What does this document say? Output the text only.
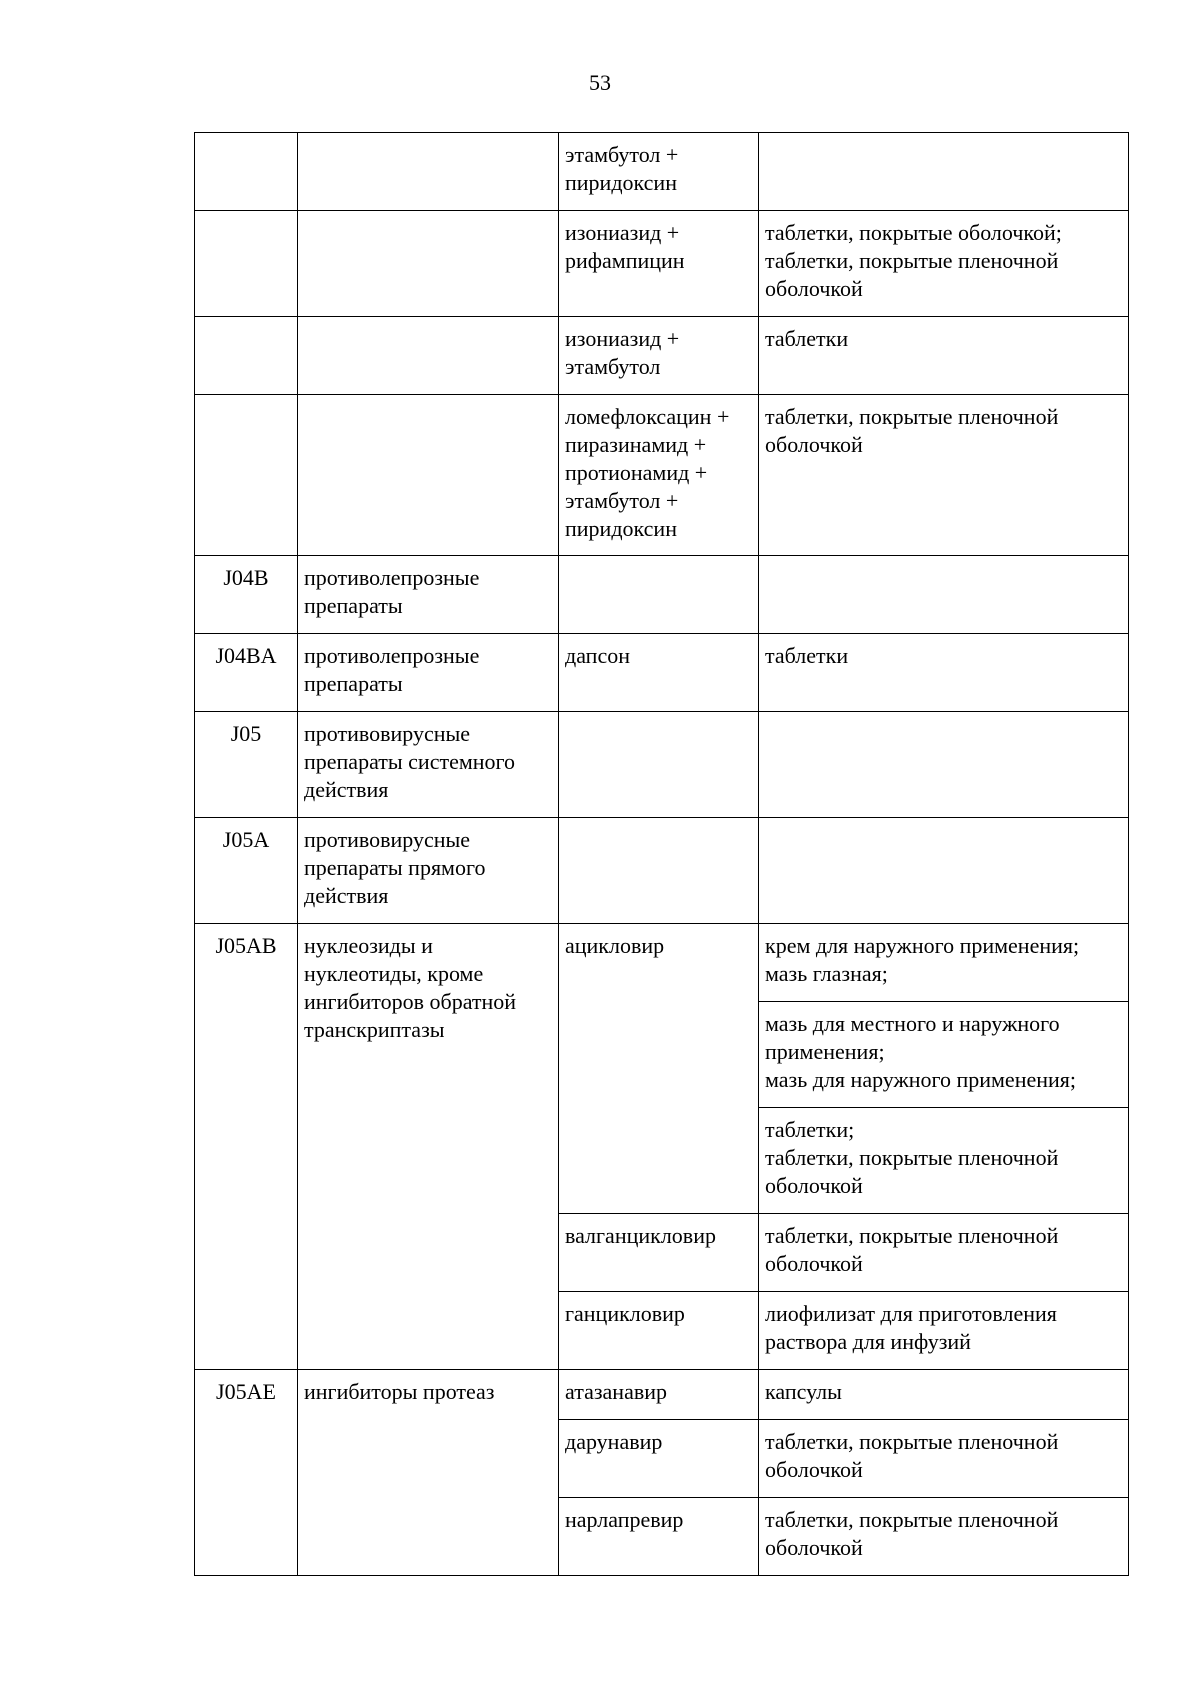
53
		этамбутол +
пиридоксин	
		изониазид +
рифампицин	таблетки, покрытые оболочкой;
таблетки, покрытые пленочной
оболочкой
		изониазид +
этамбутол	таблетки
		ломефлоксацин +
пиразинамид +
протионамид +
этамбутол +
пиридоксин	таблетки, покрытые пленочной
оболочкой
J04B	противолепрозные
препараты		
J04BA	противолепрозные
препараты	дапсон	таблетки
J05	противовирусные
препараты системного
действия		
J05A	противовирусные
препараты прямого
действия		
J05AB	нуклеозиды и
нуклеотиды, кроме
ингибиторов обратной
транскриптазы	ацикловир	крем для наружного применения;
мазь глазная;
			мазь для местного и наружного
применения;
мазь для наружного применения;
			таблетки;
таблетки, покрытые пленочной
оболочкой
		валганцикловир	таблетки, покрытые пленочной
оболочкой
		ганцикловир	лиофилизат для приготовления
раствора для инфузий
J05AE	ингибиторы протеаз	атазанавир	капсулы
		дарунавир	таблетки, покрытые пленочной
оболочкой
		нарлапревир	таблетки, покрытые пленочной
оболочкой
